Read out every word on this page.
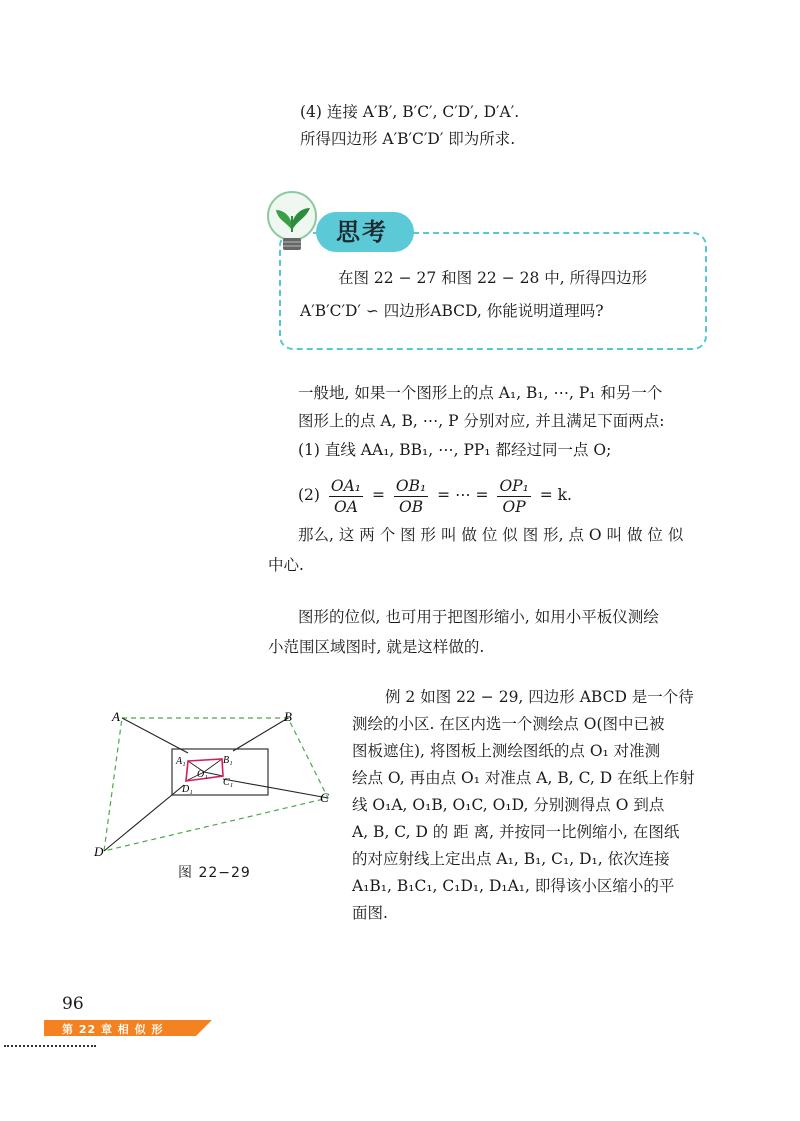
(4) 连接 A′B′, B′C′, C′D′, D′A′.
所得四边形 A′B′C′D′ 即为所求.
思考
在图 22 − 27 和图 22 − 28 中, 所得四边形
A′B′C′D′ ∽ 四边形ABCD, 你能说明道理吗?
一般地, 如果一个图形上的点 A₁, B₁, ⋯, P₁ 和另一个
图形上的点 A, B, ⋯, P 分别对应, 并且满足下面两点:
(1) 直线 AA₁, BB₁, ⋯, PP₁ 都经过同一点 O;
$(2) \frac{\text{OA₁}}{OA} = \frac{\text{OB₁}}{OB}$ = ⋯ = $\frac{\text{OP₁}}{OP} = k$.
那么, 这 两 个 图 形 叫 做 位 似 图 形, 点 O 叫 做 位 似
中心.
图形的位似, 也可用于把图形缩小, 如用小平板仪测绘
小范围区域图时, 就是这样做的.
例 2 如图 22 − 29, 四边形 ABCD 是一个待
测绘的小区. 在区内选一个测绘点 O(图中已被
图板遮住), 将图板上测绘图纸的点 O₁ 对准测
绘点 O, 再由点 O₁ 对准点 A, B, C, D 在纸上作射
线 O₁A, O₁B, O₁C, O₁D, 分别测得点 O 到点
A, B, C, D 的 距 离, 并按同一比例缩小, 在图纸
的对应射线上定出点 A₁, B₁, C₁, D₁, 依次连接
A₁B₁, B₁C₁, C₁D₁, D₁A₁, 即得该小区缩小的平
面图.
A	B
C
D
A₁	B₁
C₁
D₁
O₁
图 22−29
96
第 22 章 相 似 形
